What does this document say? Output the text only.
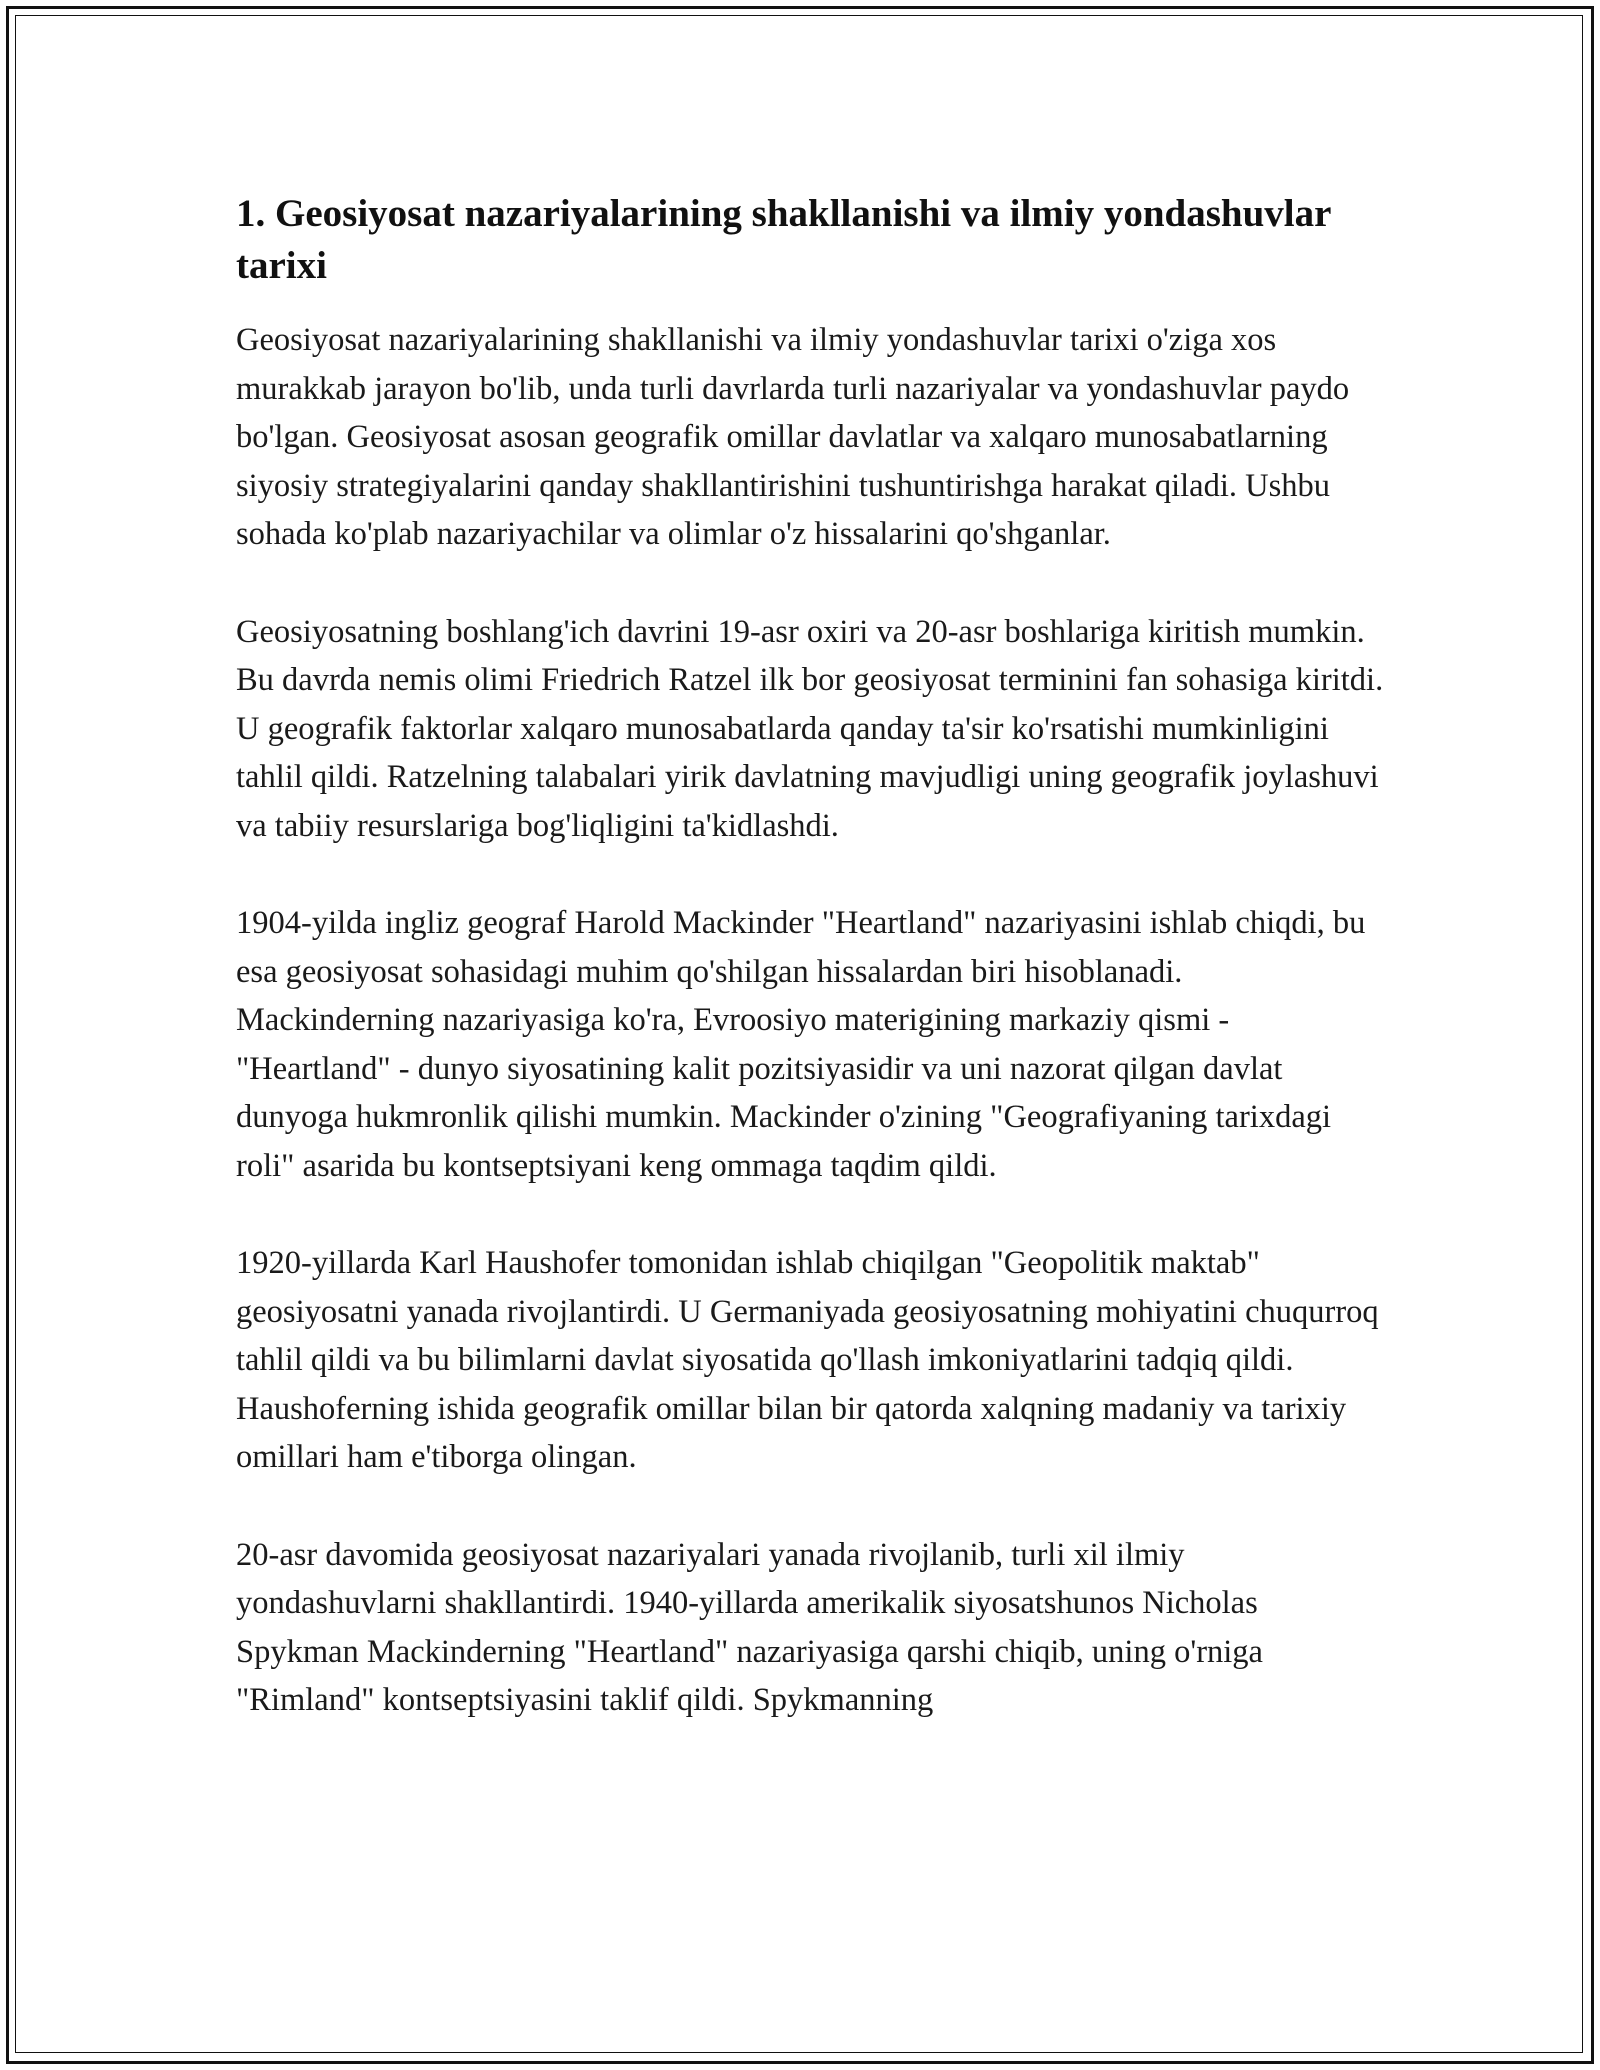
1. Geosiyosat nazariyalarining shakllanishi va ilmiy yondashuvlar tarixi

Geosiyosat nazariyalarining shakllanishi va ilmiy yondashuvlar tarixi o'ziga xos murakkab jarayon bo'lib, unda turli davrlarda turli nazariyalar va yondashuvlar paydo bo'lgan. Geosiyosat asosan geografik omillar davlatlar va xalqaro munosabatlarning siyosiy strategiyalarini qanday shakllantirishini tushuntirishga harakat qiladi. Ushbu sohada ko'plab nazariyachilar va olimlar o'z hissalarini qo'shganlar.

Geosiyosatning boshlang'ich davrini 19-asr oxiri va 20-asr boshlariga kiritish mumkin. Bu davrda nemis olimi Friedrich Ratzel ilk bor geosiyosat terminini fan sohasiga kiritdi. U geografik faktorlar xalqaro munosabatlarda qanday ta'sir ko'rsatishi mumkinligini tahlil qildi. Ratzelning talabalari yirik davlatning mavjudligi uning geografik joylashuvi va tabiiy resurslariga bog'liqligini ta'kidlashdi.

1904-yilda ingliz geograf Harold Mackinder "Heartland" nazariyasini ishlab chiqdi, bu esa geosiyosat sohasidagi muhim qo'shilgan hissalardan biri hisoblanadi. Mackinderning nazariyasiga ko'ra, Evroosiyo materigining markaziy qismi - "Heartland" - dunyo siyosatining kalit pozitsiyasidir va uni nazorat qilgan davlat dunyoga hukmronlik qilishi mumkin. Mackinder o'zining "Geografiyaning tarixdagi roli" asarida bu kontseptsiyani keng ommaga taqdim qildi.

1920-yillarda Karl Haushofer tomonidan ishlab chiqilgan "Geopolitik maktab" geosiyosatni yanada rivojlantirdi. U Germaniyada geosiyosatning mohiyatini chuqurroq tahlil qildi va bu bilimlarni davlat siyosatida qo'llash imkoniyatlarini tadqiq qildi. Haushoferning ishida geografik omillar bilan bir qatorda xalqning madaniy va tarixiy omillari ham e'tiborga olingan.

20-asr davomida geosiyosat nazariyalari yanada rivojlanib, turli xil ilmiy yondashuvlarni shakllantirdi. 1940-yillarda amerikalik siyosatshunos Nicholas Spykman Mackinderning "Heartland" nazariyasiga qarshi chiqib, uning o'rniga "Rimland" kontseptsiyasini taklif qildi. Spykmanning
